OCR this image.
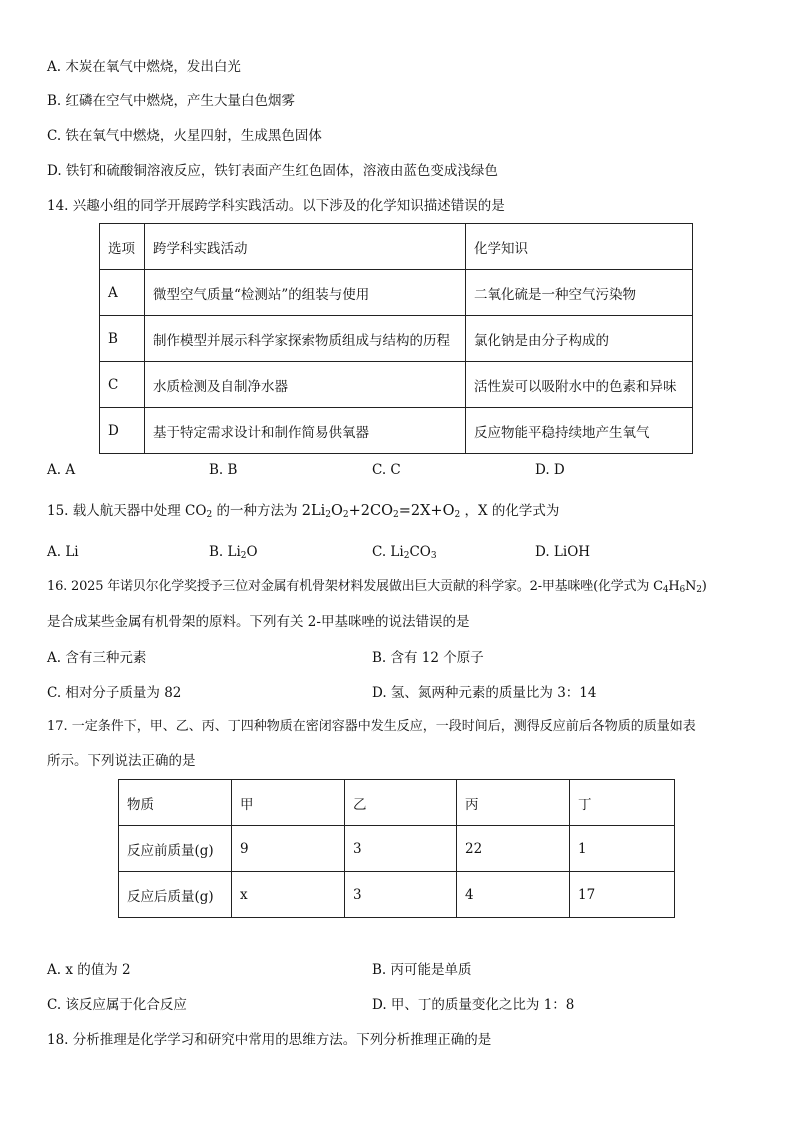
A. 木炭在氧气中燃烧，发出白光
B. 红磷在空气中燃烧，产生大量白色烟雾
C. 铁在氧气中燃烧，火星四射，生成黑色固体
D. 铁钉和硫酸铜溶液反应，铁钉表面产生红色固体，溶液由蓝色变成浅绿色
14. 兴趣小组的同学开展跨学科实践活动。以下涉及的化学知识描述错误的是
选项	跨学科实践活动	化学知识
A	微型空气质量“检测站”的组装与使用	二氧化硫是一种空气污染物
B	制作模型并展示科学家探索物质组成与结构的历程	氯化钠是由分子构成的
C	水质检测及自制净水器	活性炭可以吸附水中的色素和异味
D	基于特定需求设计和制作简易供氧器	反应物能平稳持续地产生氧气
A. A	B. B	C. C	D. D
15. 载人航天器中处理 $CO_2$ 的一种方法为 $2Li_2O_2+2CO_2=2X+O_2$ ，X 的化学式为
A. Li	B. $Li_2O$	C. $Li_2CO_3$	D. LiOH
16. 2025 年诺贝尔化学奖授予三位对金属有机骨架材料发展做出巨大贡献的科学家。2-甲基咪唑(化学式为 $C_4H_6N_2$)
是合成某些金属有机骨架的原料。下列有关 2-甲基咪唑的说法错误的是
A. 含有三种元素	B. 含有 12 个原子
C. 相对分子质量为 82	D. 氢、氮两种元素的质量比为 3：14
17. 一定条件下，甲、乙、丙、丁四种物质在密闭容器中发生反应，一段时间后，测得反应前后各物质的质量如表
所示。下列说法正确的是
物质	甲	乙	丙	丁
反应前质量(g)	9	3	22	1
反应后质量(g)	x	3	4	17
A. x 的值为 2	B. 丙可能是单质
C. 该反应属于化合反应	D. 甲、丁的质量变化之比为 1：8
18. 分析推理是化学学习和研究中常用的思维方法。下列分析推理正确的是
